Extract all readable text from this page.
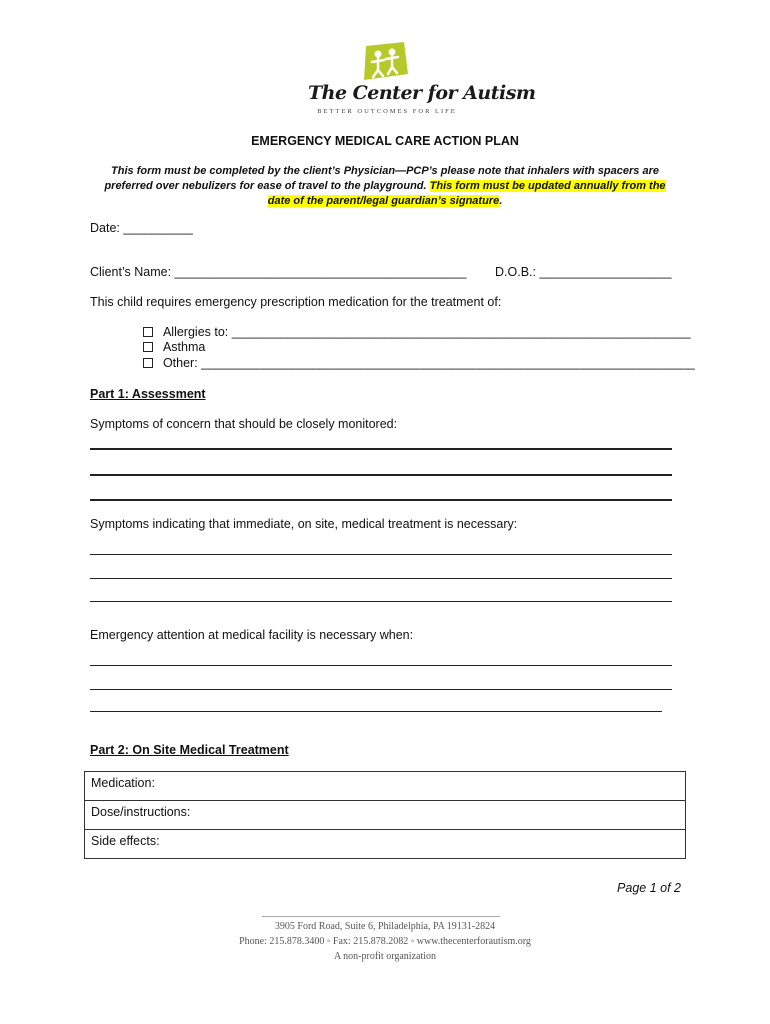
The Center for Autism
BETTER OUTCOMES FOR LIFE
EMERGENCY MEDICAL CARE ACTION PLAN
This form must be completed by the client’s Physician—PCP’s please note that inhalers with spacers are preferred over nebulizers for ease of travel to the playground. This form must be updated annually from the date of the parent/legal guardian’s signature.
Date: __________
Client’s Name: __________________________________________ D.O.B.: ___________________
This child requires emergency prescription medication for the treatment of:

Allergies to: __________________________________________________________________

Asthma

Other: _______________________________________________________________________

Part 1: Assessment
Symptoms of concern that should be closely monitored:
Symptoms indicating that immediate, on site, medical treatment is necessary:
Emergency attention at medical facility is necessary when:
Part 2: On Site Medical Treatment
Medication:
Dose/instructions:
Side effects:
Page 1 of 2
3905 Ford Road, Suite 6, Philadelphia, PA 19131-2824
Phone: 215.878.3400 ◦ Fax: 215.878.2082 ◦ www.thecenterforautism.org
A non-profit organization
